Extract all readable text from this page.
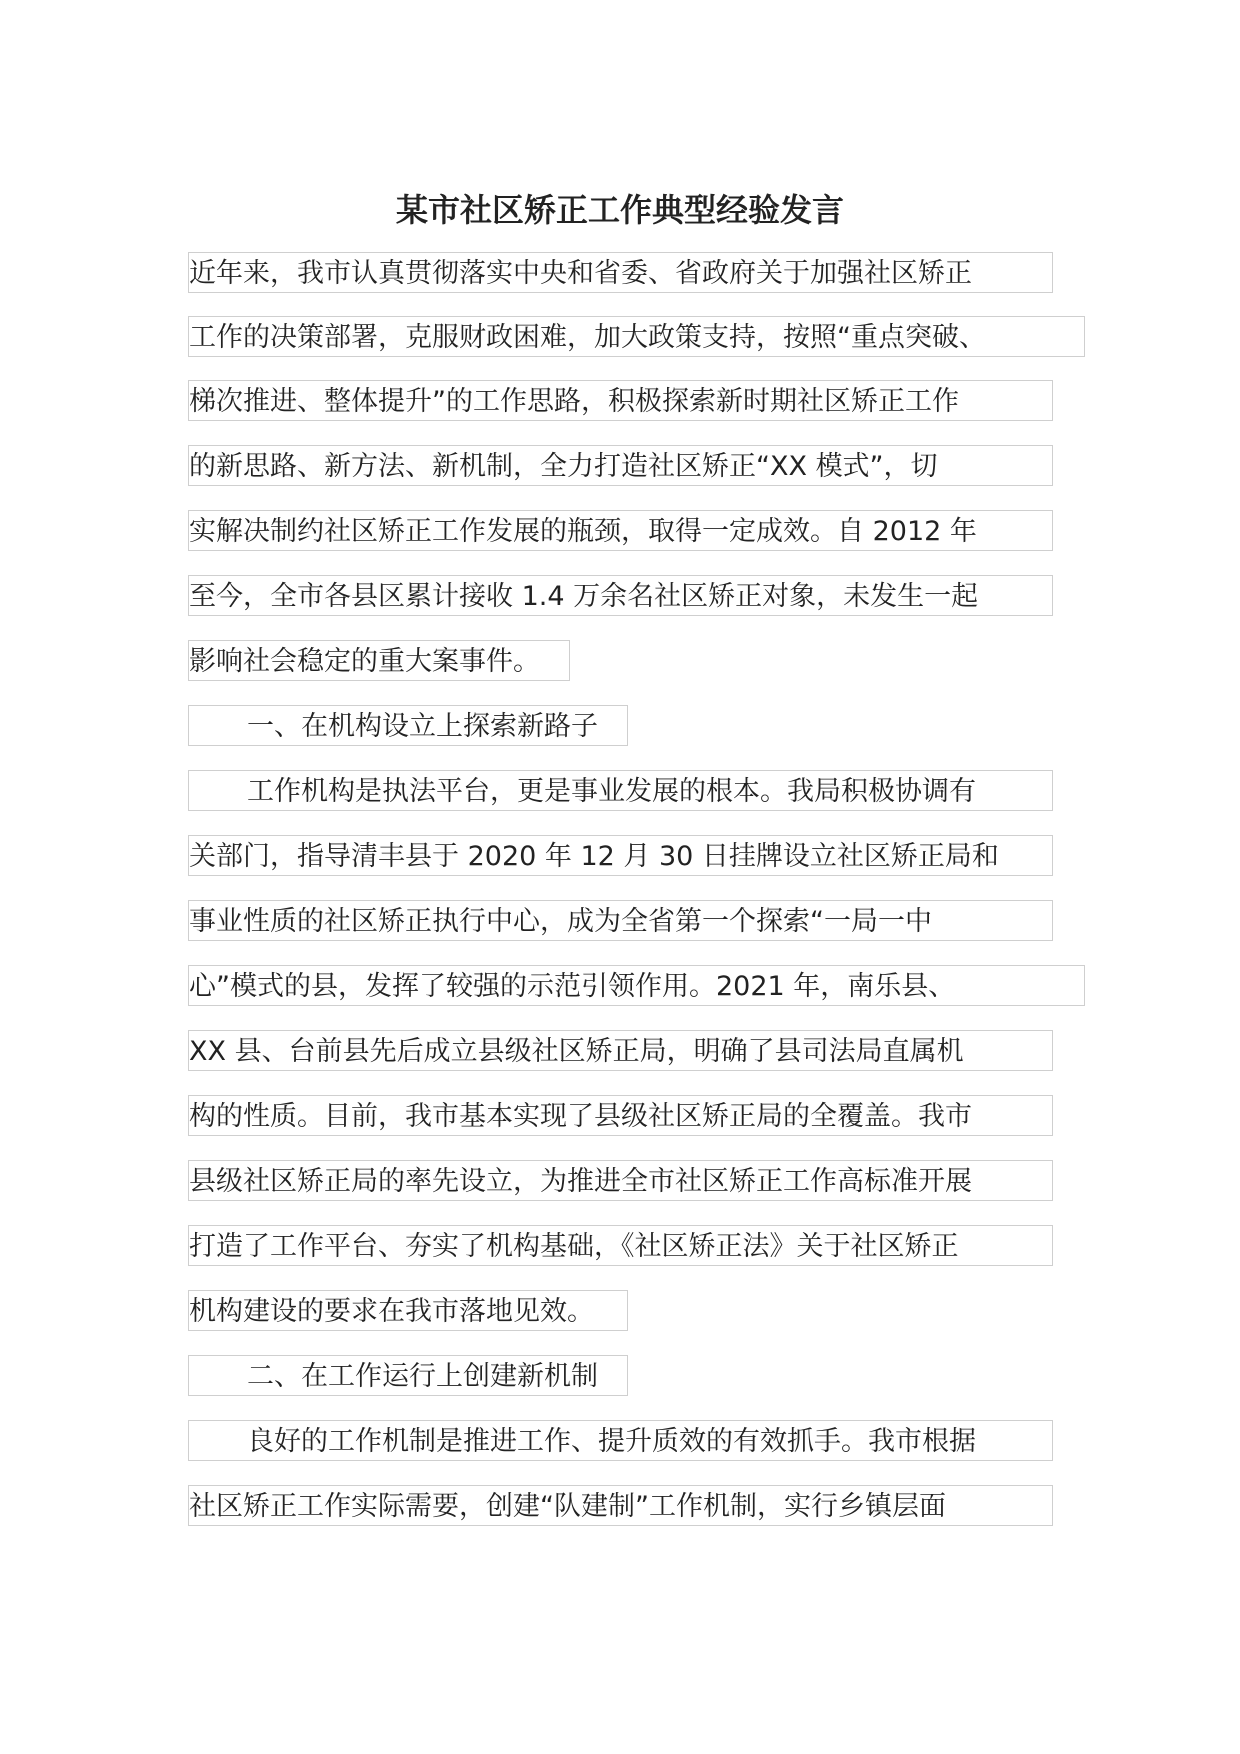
某市社区矫正工作典型经验发言
近年来，我市认真贯彻落实中央和省委、省政府关于加强社区矫正
工作的决策部署，克服财政困难，加大政策支持，按照“重点突破、
梯次推进、整体提升”的工作思路，积极探索新时期社区矫正工作
的新思路、新方法、新机制，全力打造社区矫正“XX 模式”，切
实解决制约社区矫正工作发展的瓶颈，取得一定成效。自 2012 年
至今，全市各县区累计接收 1.4 万余名社区矫正对象，未发生一起
影响社会稳定的重大案事件。
一、在机构设立上探索新路子
工作机构是执法平台，更是事业发展的根本。我局积极协调有
关部门，指导清丰县于 2020 年 12 月 30 日挂牌设立社区矫正局和
事业性质的社区矫正执行中心，成为全省第一个探索“一局一中
心”模式的县，发挥了较强的示范引领作用。2021 年，南乐县、
XX 县、台前县先后成立县级社区矫正局，明确了县司法局直属机
构的性质。目前，我市基本实现了县级社区矫正局的全覆盖。我市
县级社区矫正局的率先设立，为推进全市社区矫正工作高标准开展
打造了工作平台、夯实了机构基础，《社区矫正法》关于社区矫正
机构建设的要求在我市落地见效。
二、在工作运行上创建新机制
良好的工作机制是推进工作、提升质效的有效抓手。我市根据
社区矫正工作实际需要，创建“队建制”工作机制，实行乡镇层面
